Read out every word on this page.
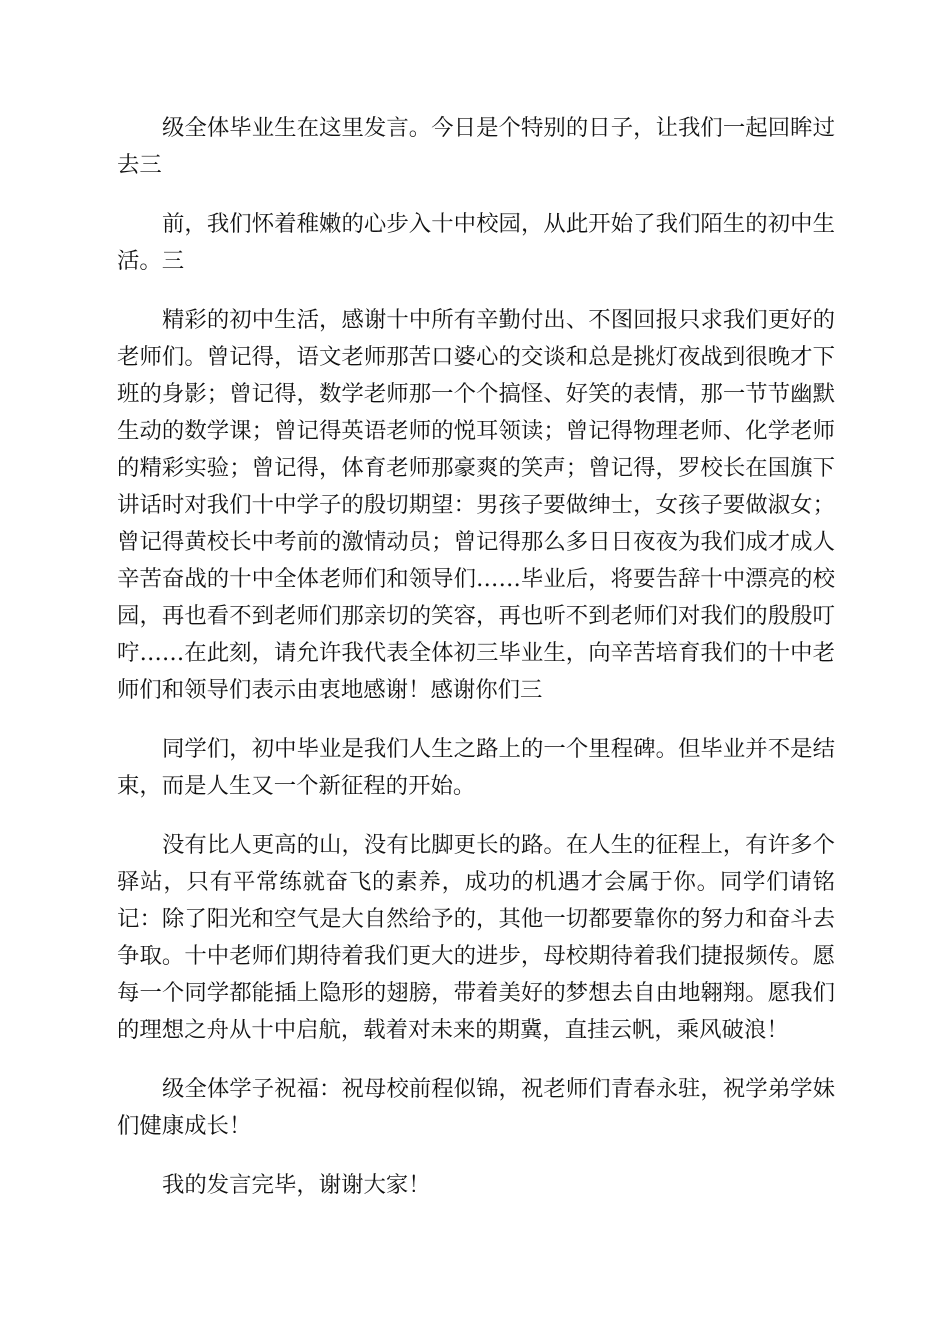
级全体毕业生在这里发言。今日是个特别的日子，让我们一起回眸过去三

前，我们怀着稚嫩的心步入十中校园，从此开始了我们陌生的初中生活。三

精彩的初中生活，感谢十中所有辛勤付出、不图回报只求我们更好的老师们。曾记得，语文老师那苦口婆心的交谈和总是挑灯夜战到很晚才下班的身影；曾记得，数学老师那一个个搞怪、好笑的表情，那一节节幽默生动的数学课；曾记得英语老师的悦耳领读；曾记得物理老师、化学老师的精彩实验；曾记得，体育老师那豪爽的笑声；曾记得，罗校长在国旗下讲话时对我们十中学子的殷切期望：男孩子要做绅士，女孩子要做淑女；曾记得黄校长中考前的激情动员；曾记得那么多日日夜夜为我们成才成人辛苦奋战的十中全体老师们和领导们……毕业后，将要告辞十中漂亮的校园，再也看不到老师们那亲切的笑容，再也听不到老师们对我们的殷殷叮咛……在此刻，请允许我代表全体初三毕业生，向辛苦培育我们的十中老师们和领导们表示由衷地感谢！感谢你们三

同学们，初中毕业是我们人生之路上的一个里程碑。但毕业并不是结束，而是人生又一个新征程的开始。

没有比人更高的山，没有比脚更长的路。在人生的征程上，有许多个驿站，只有平常练就奋飞的素养，成功的机遇才会属于你。同学们请铭记：除了阳光和空气是大自然给予的，其他一切都要靠你的努力和奋斗去争取。十中老师们期待着我们更大的进步，母校期待着我们捷报频传。愿每一个同学都能插上隐形的翅膀，带着美好的梦想去自由地翱翔。愿我们的理想之舟从十中启航，载着对未来的期冀，直挂云帆，乘风破浪！

级全体学子祝福：祝母校前程似锦，祝老师们青春永驻，祝学弟学妹们健康成长！

我的发言完毕，谢谢大家！
